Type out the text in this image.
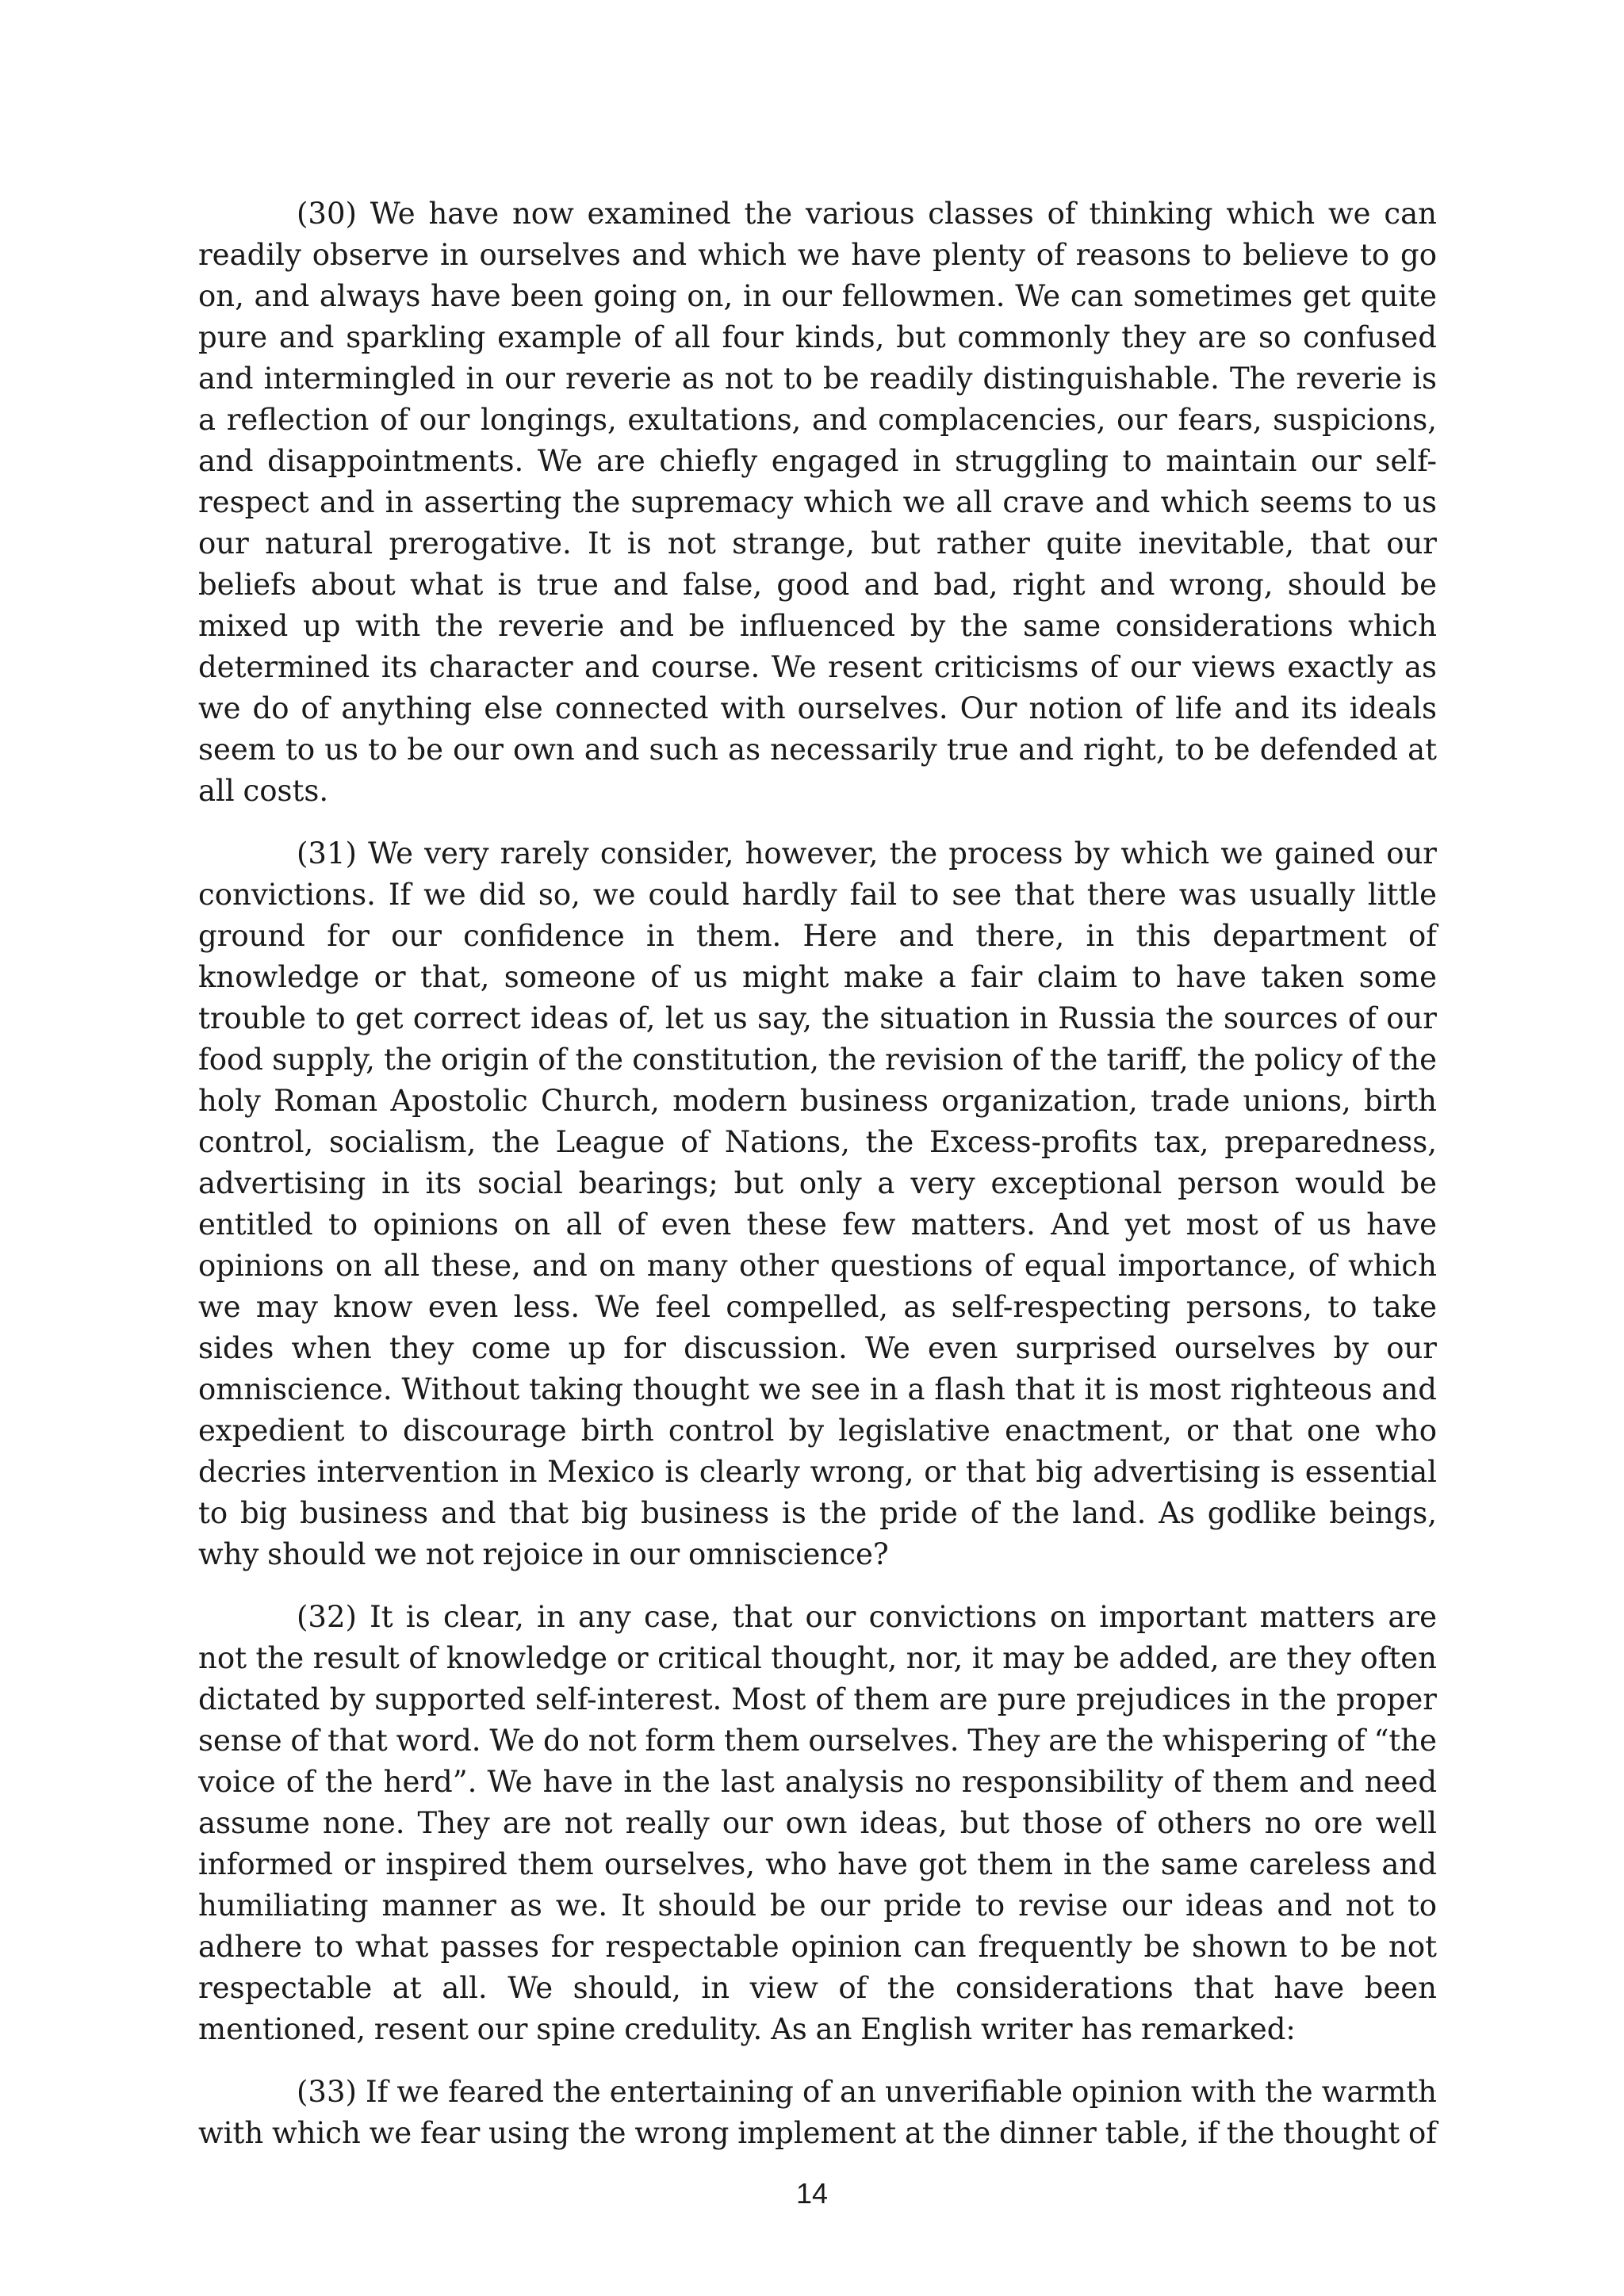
(30) We have now examined the various classes of thinking which we can readily observe in ourselves and which we have plenty of reasons to believe to go on, and always have been going on, in our fellowmen. We can sometimes get quite pure and sparkling example of all four kinds, but commonly they are so confused and intermingled in our reverie as not to be readily distinguishable. The reverie is a reflection of our longings, exultations, and complacencies, our fears, suspicions, and disappointments. We are chiefly engaged in struggling to maintain our self-respect and in asserting the supremacy which we all crave and which seems to us our natural prerogative. It is not strange, but rather quite inevitable, that our beliefs about what is true and false, good and bad, right and wrong, should be mixed up with the reverie and be influenced by the same considerations which determined its character and course. We resent criticisms of our views exactly as we do of anything else connected with ourselves. Our notion of life and its ideals seem to us to be our own and such as necessarily true and right, to be defended at all costs.

(31) We very rarely consider, however, the process by which we gained our convictions. If we did so, we could hardly fail to see that there was usually little ground for our confidence in them. Here and there, in this department of knowledge or that, someone of us might make a fair claim to have taken some trouble to get correct ideas of, let us say, the situation in Russia the sources of our food supply, the origin of the constitution, the revision of the tariff, the policy of the holy Roman Apostolic Church, modern business organization, trade unions, birth control, socialism, the League of Nations, the Excess-profits tax, preparedness, advertising in its social bearings; but only a very exceptional person would be entitled to opinions on all of even these few matters. And yet most of us have opinions on all these, and on many other questions of equal importance, of which we may know even less. We feel compelled, as self-respecting persons, to take sides when they come up for discussion. We even surprised ourselves by our omniscience. Without taking thought we see in a flash that it is most righteous and expedient to discourage birth control by legislative enactment, or that one who decries intervention in Mexico is clearly wrong, or that big advertising is essential to big business and that big business is the pride of the land. As godlike beings, why should we not rejoice in our omniscience?

(32) It is clear, in any case, that our convictions on important matters are not the result of knowledge or critical thought, nor, it may be added, are they often dictated by supported self-interest. Most of them are pure prejudices in the proper sense of that word. We do not form them ourselves. They are the whispering of “the voice of the herd”. We have in the last analysis no responsibility of them and need assume none. They are not really our own ideas, but those of others no ore well informed or inspired them ourselves, who have got them in the same careless and humiliating manner as we. It should be our pride to revise our ideas and not to adhere to what passes for respectable opinion can frequently be shown to be not respectable at all. We should, in view of the considerations that have been mentioned, resent our spine credulity. As an English writer has remarked:

(33) If we feared the entertaining of an unverifiable opinion with the warmth with which we fear using the wrong implement at the dinner table, if the thought of

14
